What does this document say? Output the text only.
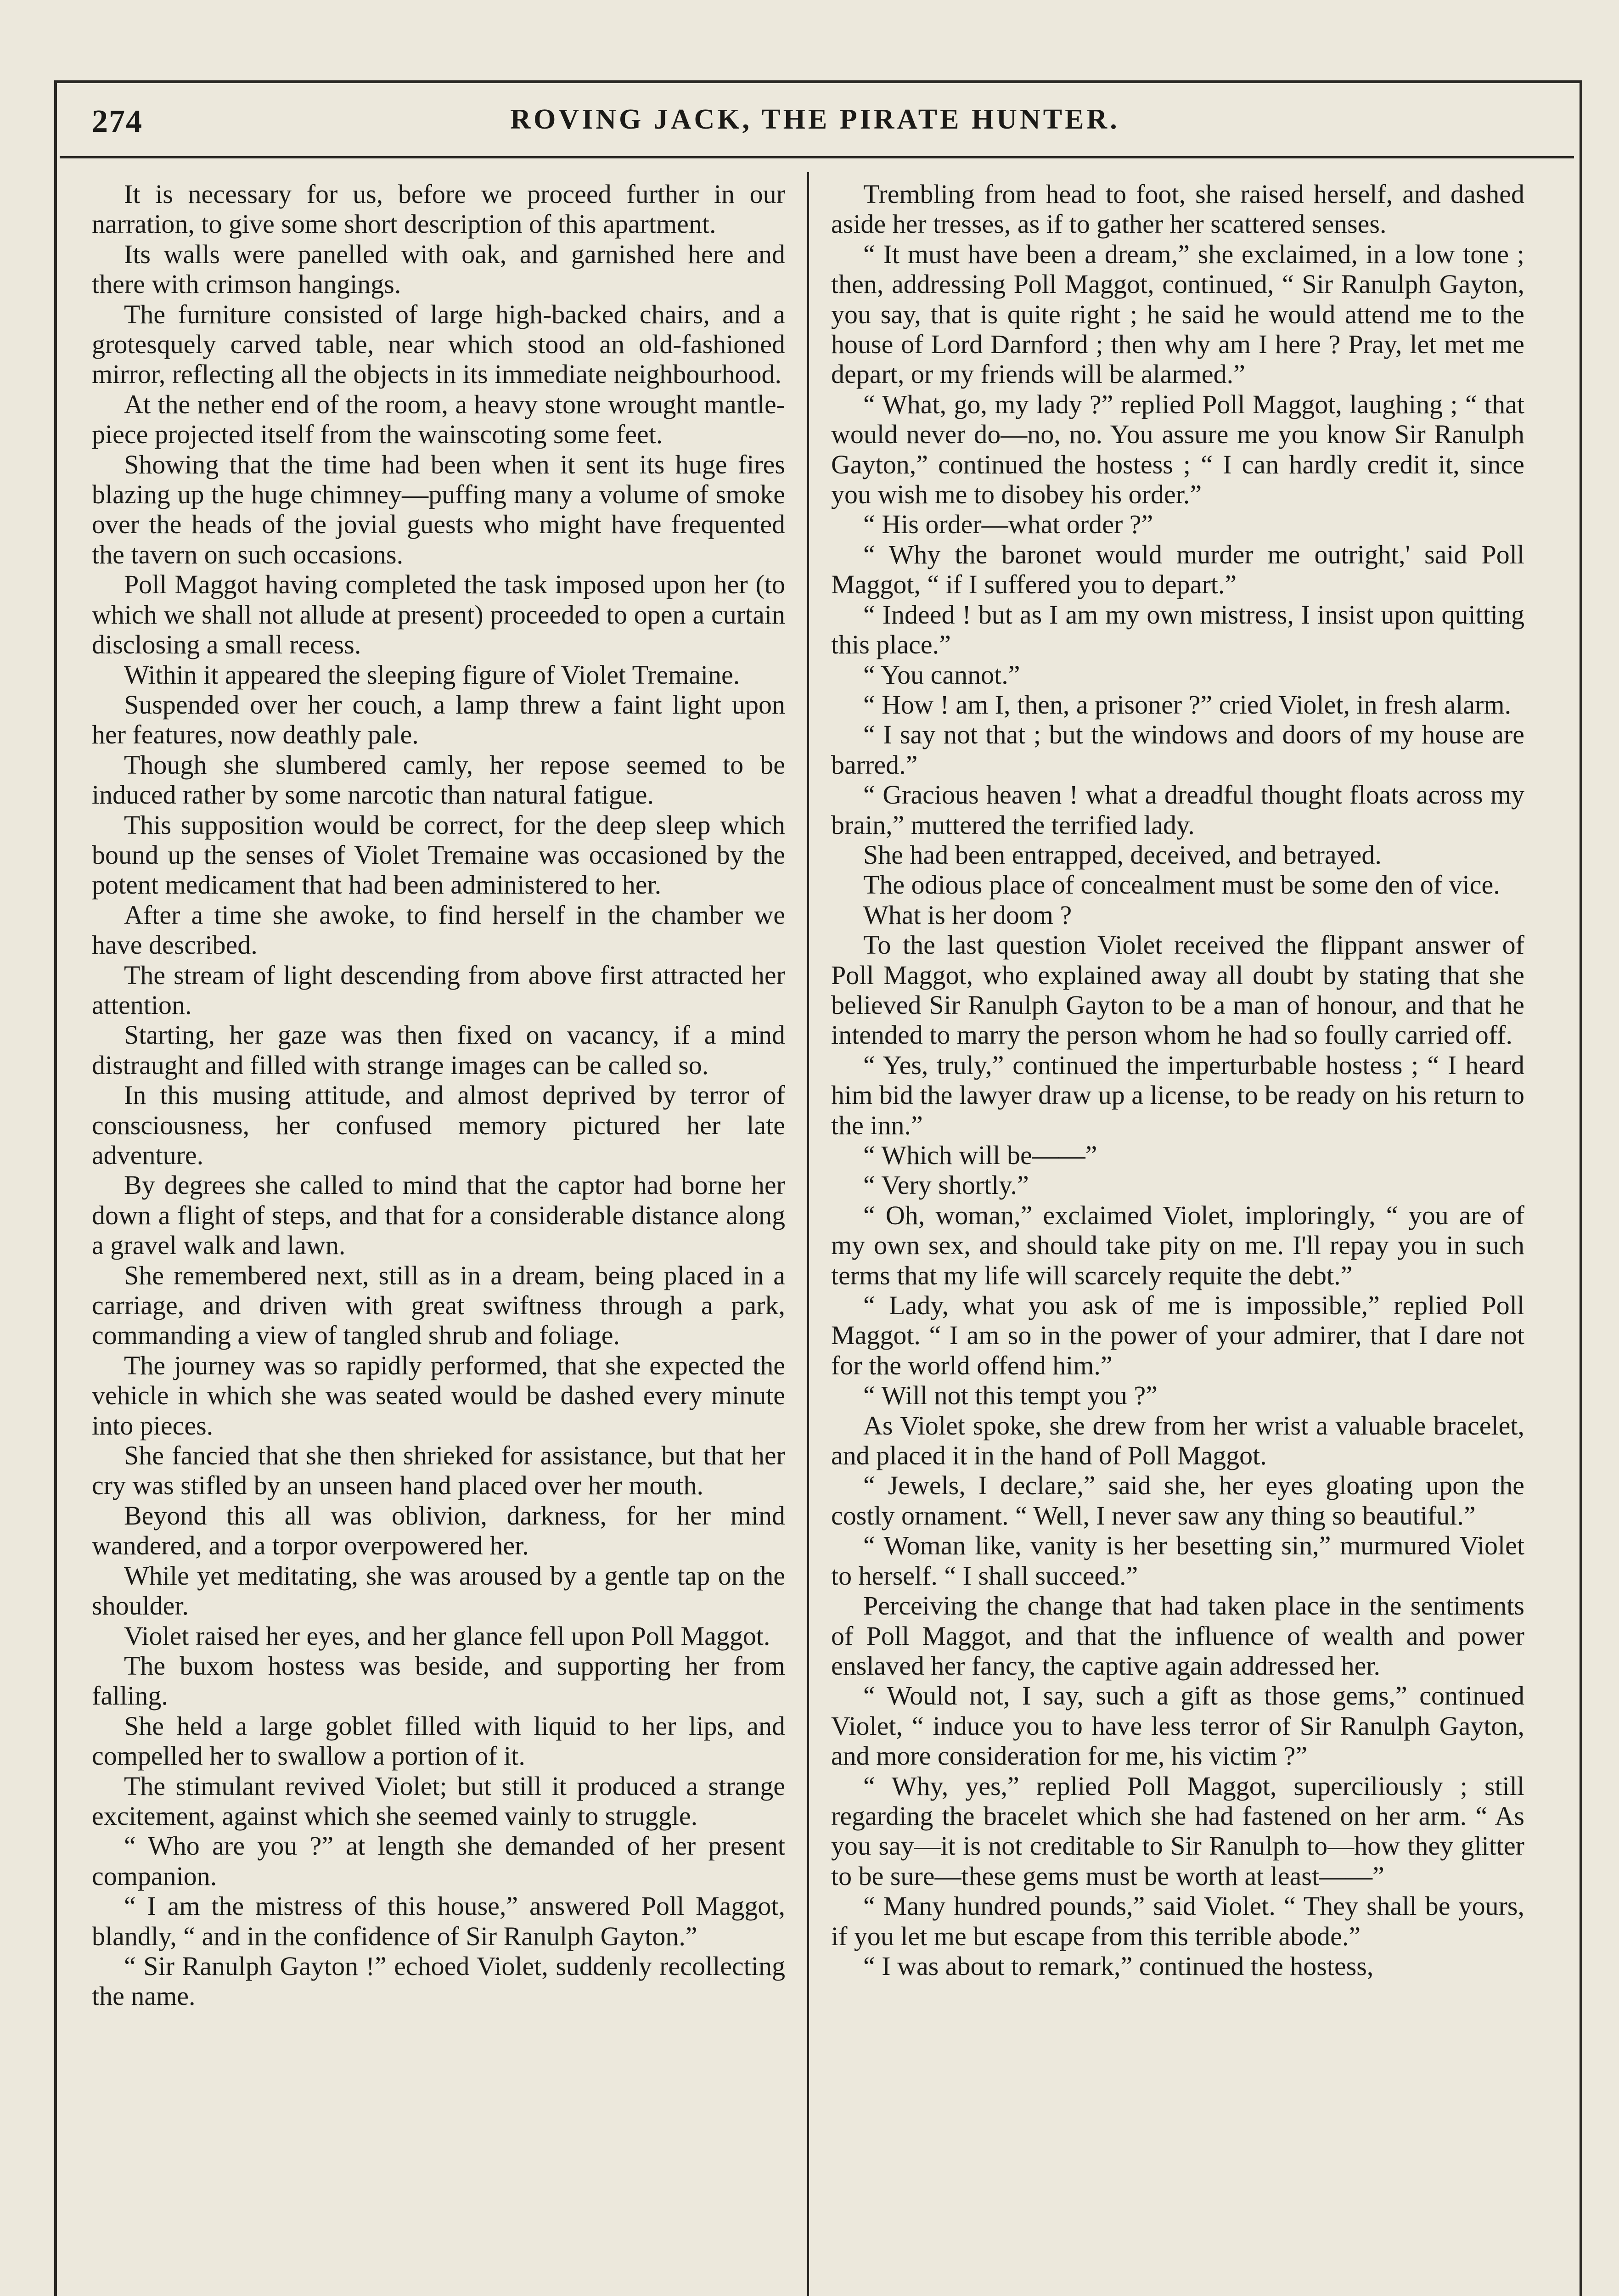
274	ROVING JACK, THE PIRATE HUNTER.

It is necessary for us, before we proceed further in our narration, to give some short description of this apartment.

Its walls were panelled with oak, and garnished here and there with crimson hangings.

The furniture consisted of large high-backed chairs, and a grotesquely carved table, near which stood an old-fashioned mirror, reflecting all the objects in its immediate neighbourhood.

At the nether end of the room, a heavy stone wrought mantle-piece projected itself from the wainscoting some feet.

Showing that the time had been when it sent its huge fires blazing up the huge chimney—puffing many a volume of smoke over the heads of the jovial guests who might have frequented the tavern on such occasions.

Poll Maggot having completed the task imposed upon her (to which we shall not allude at present) proceeded to open a curtain disclosing a small recess.

Within it appeared the sleeping figure of Violet Tremaine.

Suspended over her couch, a lamp threw a faint light upon her features, now deathly pale.

Though she slumbered camly, her repose seemed to be induced rather by some narcotic than natural fatigue.

This supposition would be correct, for the deep sleep which bound up the senses of Violet Tremaine was occasioned by the potent medicament that had been administered to her.

After a time she awoke, to find herself in the chamber we have described.

The stream of light descending from above first attracted her attention.

Starting, her gaze was then fixed on vacancy, if a mind distraught and filled with strange images can be called so.

In this musing attitude, and almost deprived by terror of consciousness, her confused memory pictured her late adventure.

By degrees she called to mind that the captor had borne her down a flight of steps, and that for a considerable distance along a gravel walk and lawn.

She remembered next, still as in a dream, being placed in a carriage, and driven with great swiftness through a park, commanding a view of tangled shrub and foliage.

The journey was so rapidly performed, that she expected the vehicle in which she was seated would be dashed every minute into pieces.

She fancied that she then shrieked for assistance, but that her cry was stifled by an unseen hand placed over her mouth.

Beyond this all was oblivion, darkness, for her mind wandered, and a torpor overpowered her.

While yet meditating, she was aroused by a gentle tap on the shoulder.

Violet raised her eyes, and her glance fell upon Poll Maggot.

The buxom hostess was beside, and supporting her from falling.

She held a large goblet filled with liquid to her lips, and compelled her to swallow a portion of it.

The stimulant revived Violet; but still it produced a strange excitement, against which she seemed vainly to struggle.

“ Who are you ?” at length she demanded of her present companion.

“ I am the mistress of this house,” answered Poll Maggot, blandly, “ and in the confidence of Sir Ranulph Gayton.”

“ Sir Ranulph Gayton !” echoed Violet, suddenly recollecting the name.

Trembling from head to foot, she raised herself, and dashed aside her tresses, as if to gather her scattered senses.

“ It must have been a dream,” she exclaimed, in a low tone ; then, addressing Poll Maggot, continued, “ Sir Ranulph Gayton, you say, that is quite right ; he said he would attend me to the house of Lord Darnford ; then why am I here ? Pray, let met me depart, or my friends will be alarmed.”

“ What, go, my lady ?” replied Poll Maggot, laughing ; “ that would never do—no, no. You assure me you know Sir Ranulph Gayton,” continued the hostess ; “ I can hardly credit it, since you wish me to disobey his order.”

“ His order—what order ?”

“ Why the baronet would murder me outright,' said Poll Maggot, “ if I suffered you to depart.”

“ Indeed ! but as I am my own mistress, I insist upon quitting this place.”

“ You cannot.”

“ How ! am I, then, a prisoner ?” cried Violet, in fresh alarm.

“ I say not that ; but the windows and doors of my house are barred.”

“ Gracious heaven ! what a dreadful thought floats across my brain,” muttered the terrified lady.

She had been entrapped, deceived, and betrayed.

The odious place of concealment must be some den of vice.

What is her doom ?

To the last question Violet received the flippant answer of Poll Maggot, who explained away all doubt by stating that she believed Sir Ranulph Gayton to be a man of honour, and that he intended to marry the person whom he had so foully carried off.

“ Yes, truly,” continued the imperturbable hostess ; “ I heard him bid the lawyer draw up a license, to be ready on his return to the inn.”

“ Which will be——”

“ Very shortly.”

“ Oh, woman,” exclaimed Violet, imploringly, “ you are of my own sex, and should take pity on me. I'll repay you in such terms that my life will scarcely requite the debt.”

“ Lady, what you ask of me is impossible,” replied Poll Maggot. “ I am so in the power of your admirer, that I dare not for the world offend him.”

“ Will not this tempt you ?”

As Violet spoke, she drew from her wrist a valuable bracelet, and placed it in the hand of Poll Maggot.

“ Jewels, I declare,” said she, her eyes gloating upon the costly ornament. “ Well, I never saw any thing so beautiful.”

“ Woman like, vanity is her besetting sin,” murmured Violet to herself. “ I shall succeed.”

Perceiving the change that had taken place in the sentiments of Poll Maggot, and that the influence of wealth and power enslaved her fancy, the captive again addressed her.

“ Would not, I say, such a gift as those gems,” continued Violet, “ induce you to have less terror of Sir Ranulph Gayton, and more consideration for me, his victim ?”

“ Why, yes,” replied Poll Maggot, superciliously ; still regarding the bracelet which she had fastened on her arm. “ As you say—it is not creditable to Sir Ranulph to—how they glitter to be sure—these gems must be worth at least——”

“ Many hundred pounds,” said Violet. “ They shall be yours, if you let me but escape from this terrible abode.”

“ I was about to remark,” continued the hostess,
